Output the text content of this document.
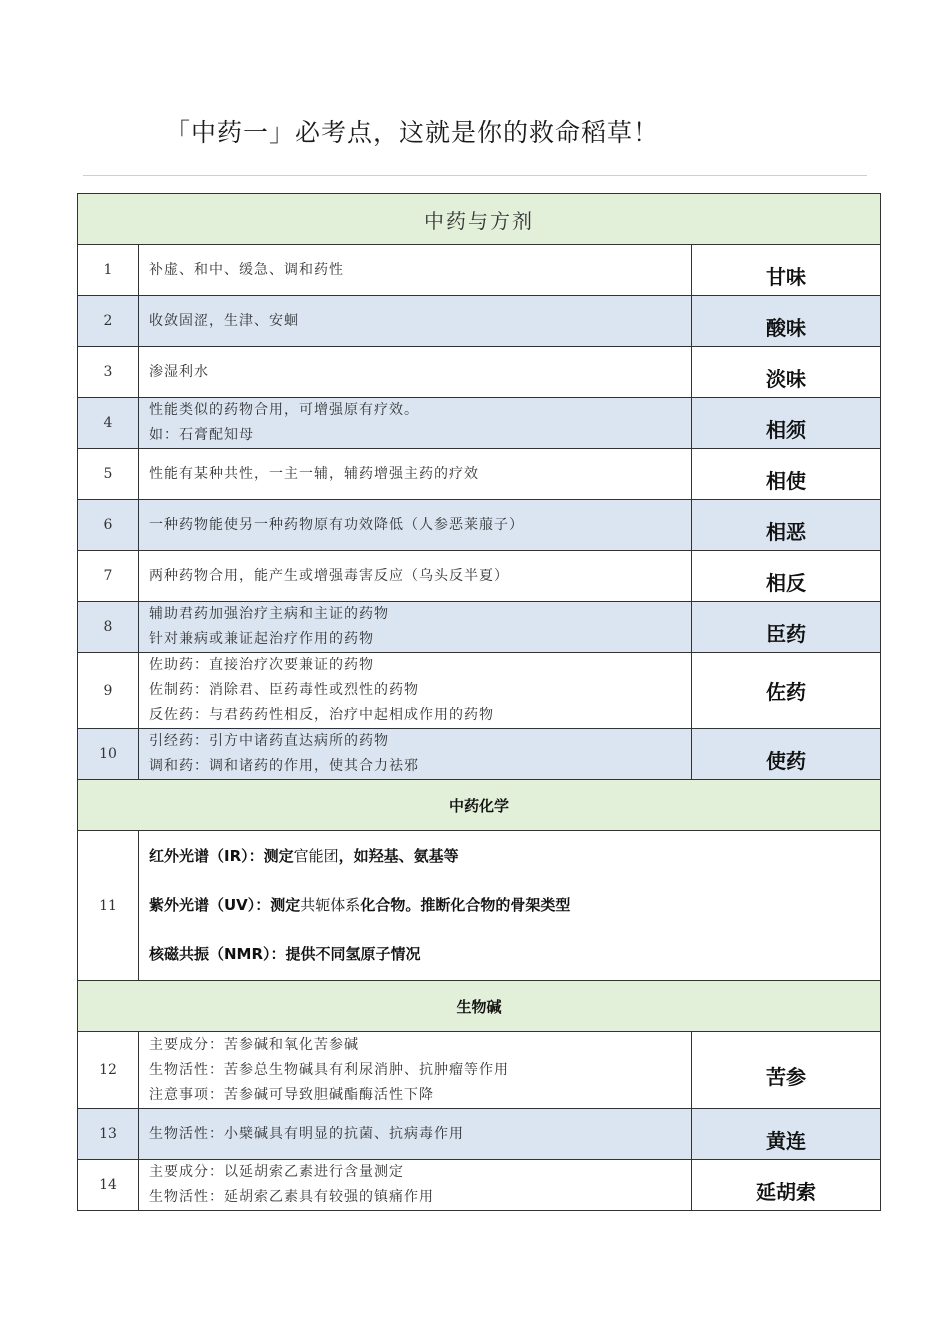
「中药一」必考点，这就是你的救命稻草！
中药与方剂		
1	补虚、和中、缓急、调和药性	甘味
2	收敛固涩，生津、安蛔	酸味
3	渗湿利水	淡味
4	性能类似的药物合用，可增强原有疗效。
如：石膏配知母	相须
5	性能有某种共性，一主一辅，辅药增强主药的疗效	相使
6	一种药物能使另一种药物原有功效降低（人参恶莱菔子）	相恶
7	两种药物合用，能产生或增强毒害反应（乌头反半夏）	相反
8	辅助君药加强治疗主病和主证的药物
针对兼病或兼证起治疗作用的药物	臣药
9	佐助药：直接治疗次要兼证的药物
佐制药：消除君、臣药毒性或烈性的药物
反佐药：与君药药性相反，治疗中起相成作用的药物	佐药
10	引经药：引方中诸药直达病所的药物
调和药：调和诸药的作用，使其合力祛邪	使药
中药化学		
11	红外光谱（IR）：测定官能团，如羟基、氨基等
紫外光谱（UV）：测定共轭体系化合物。推断化合物的骨架类型
核磁共振（NMR）：提供不同氢原子情况	

生物碱		
12	主要成分：苦参碱和氧化苦参碱
生物活性：苦参总生物碱具有利尿消肿、抗肿瘤等作用
注意事项：苦参碱可导致胆碱酯酶活性下降	苦参
13	生物活性：小檗碱具有明显的抗菌、抗病毒作用	黄连
14	主要成分：以延胡索乙素进行含量测定
生物活性：延胡索乙素具有较强的镇痛作用	延胡索
